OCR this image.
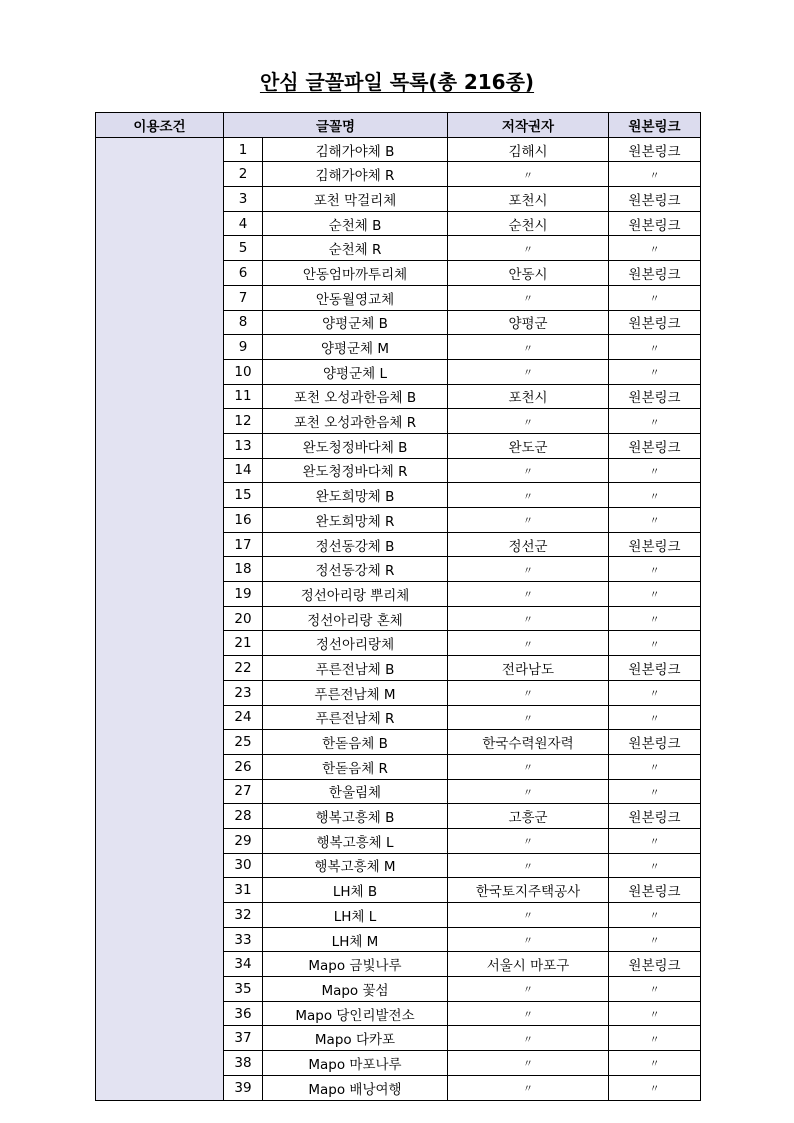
안심 글꼴파일 목록(총 216종)
이용조건	글꼴명		저작권자	원본링크
	1	김해가야체 B	김해시	원본링크
	2	김해가야체 R	〃	〃
	3	포천 막걸리체	포천시	원본링크
	4	순천체 B	순천시	원본링크
	5	순천체 R	〃	〃
	6	안동엄마까투리체	안동시	원본링크
	7	안동월영교체	〃	〃
	8	양평군체 B	양평군	원본링크
	9	양평군체 M	〃	〃
	10	양평군체 L	〃	〃
	11	포천 오성과한음체 B	포천시	원본링크
	12	포천 오성과한음체 R	〃	〃
	13	완도청정바다체 B	완도군	원본링크
	14	완도청정바다체 R	〃	〃
	15	완도희망체 B	〃	〃
	16	완도희망체 R	〃	〃
	17	정선동강체 B	정선군	원본링크
	18	정선동강체 R	〃	〃
	19	정선아리랑 뿌리체	〃	〃
	20	정선아리랑 혼체	〃	〃
	21	정선아리랑체	〃	〃
	22	푸른전남체 B	전라남도	원본링크
	23	푸른전남체 M	〃	〃
	24	푸른전남체 R	〃	〃
	25	한돋음체 B	한국수력원자력	원본링크
	26	한돋음체 R	〃	〃
	27	한울림체	〃	〃
	28	행복고흥체 B	고흥군	원본링크
	29	행복고흥체 L	〃	〃
	30	행복고흥체 M	〃	〃
	31	LH체 B	한국토지주택공사	원본링크
	32	LH체 L	〃	〃
	33	LH체 M	〃	〃
	34	Mapo 금빛나루	서울시 마포구	원본링크
	35	Mapo 꽃섬	〃	〃
	36	Mapo 당인리발전소	〃	〃
	37	Mapo 다카포	〃	〃
	38	Mapo 마포나루	〃	〃
	39	Mapo 배낭여행	〃	〃
